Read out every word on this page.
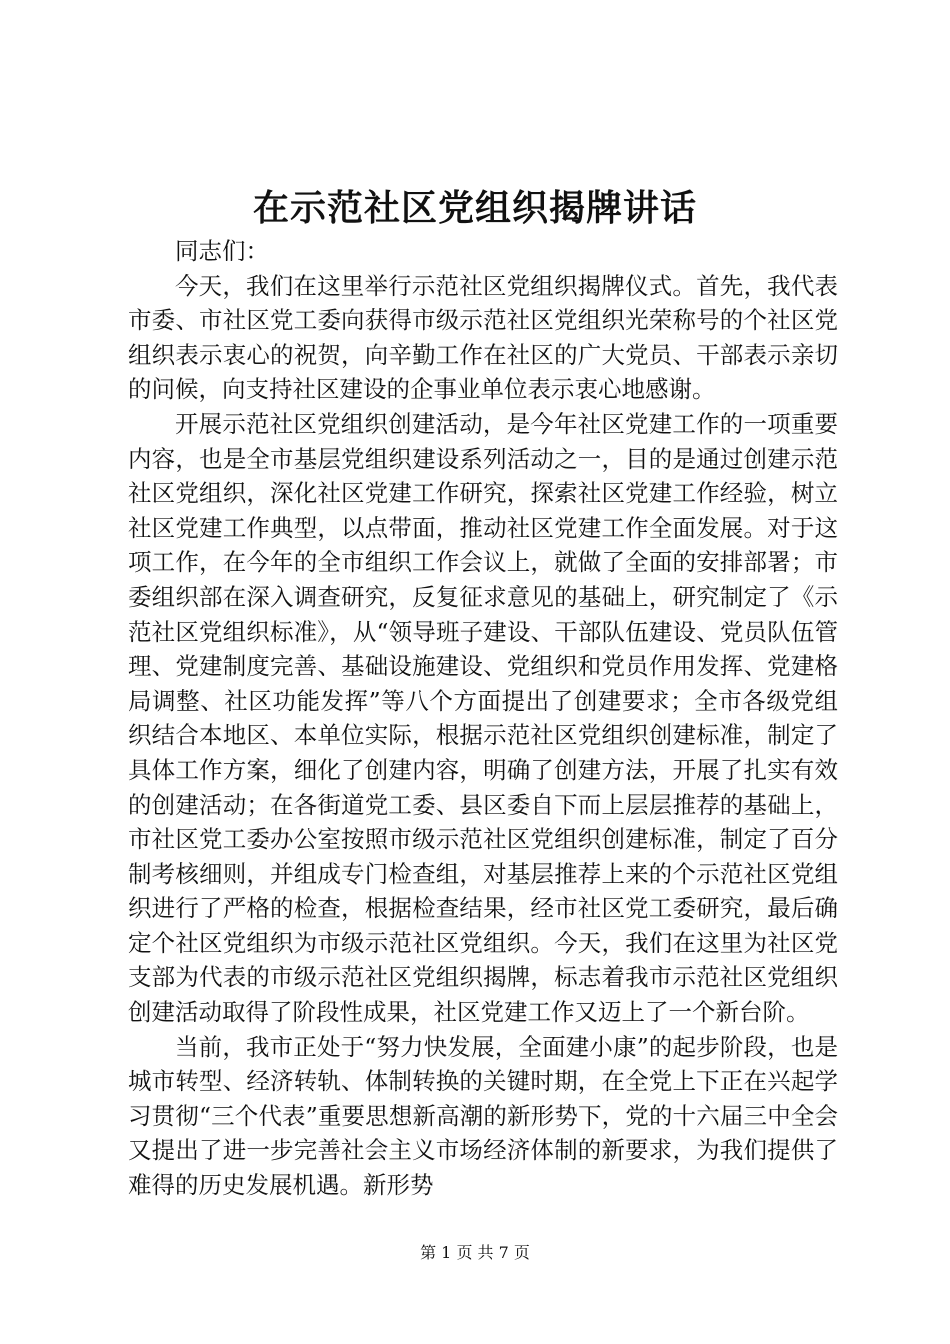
在示范社区党组织揭牌讲话

同志们：

今天，我们在这里举行示范社区党组织揭牌仪式。首先，我代表市委、市社区党工委向获得市级示范社区党组织光荣称号的个社区党组织表示衷心的祝贺，向辛勤工作在社区的广大党员、干部表示亲切的问候，向支持社区建设的企事业单位表示衷心地感谢。

开展示范社区党组织创建活动，是今年社区党建工作的一项重要内容，也是全市基层党组织建设系列活动之一，目的是通过创建示范社区党组织，深化社区党建工作研究，探索社区党建工作经验，树立社区党建工作典型，以点带面，推动社区党建工作全面发展。对于这项工作，在今年的全市组织工作会议上，就做了全面的安排部署；市委组织部在深入调查研究，反复征求意见的基础上，研究制定了《示范社区党组织标准》，从“领导班子建设、干部队伍建设、党员队伍管理、党建制度完善、基础设施建设、党组织和党员作用发挥、党建格局调整、社区功能发挥”等八个方面提出了创建要求；全市各级党组织结合本地区、本单位实际，根据示范社区党组织创建标准，制定了具体工作方案，细化了创建内容，明确了创建方法，开展了扎实有效的创建活动；在各街道党工委、县区委自下而上层层推荐的基础上，市社区党工委办公室按照市级示范社区党组织创建标准，制定了百分制考核细则，并组成专门检查组，对基层推荐上来的个示范社区党组织进行了严格的检查，根据检查结果，经市社区党工委研究，最后确定个社区党组织为市级示范社区党组织。今天，我们在这里为社区党支部为代表的市级示范社区党组织揭牌，标志着我市示范社区党组织创建活动取得了阶段性成果，社区党建工作又迈上了一个新台阶。

当前，我市正处于“努力快发展，全面建小康”的起步阶段，也是城市转型、经济转轨、体制转换的关键时期，在全党上下正在兴起学习贯彻“三个代表”重要思想新高潮的新形势下，党的十六届三中全会又提出了进一步完善社会主义市场经济体制的新要求，为我们提供了难得的历史发展机遇。新形势

第 1 页 共 7 页
